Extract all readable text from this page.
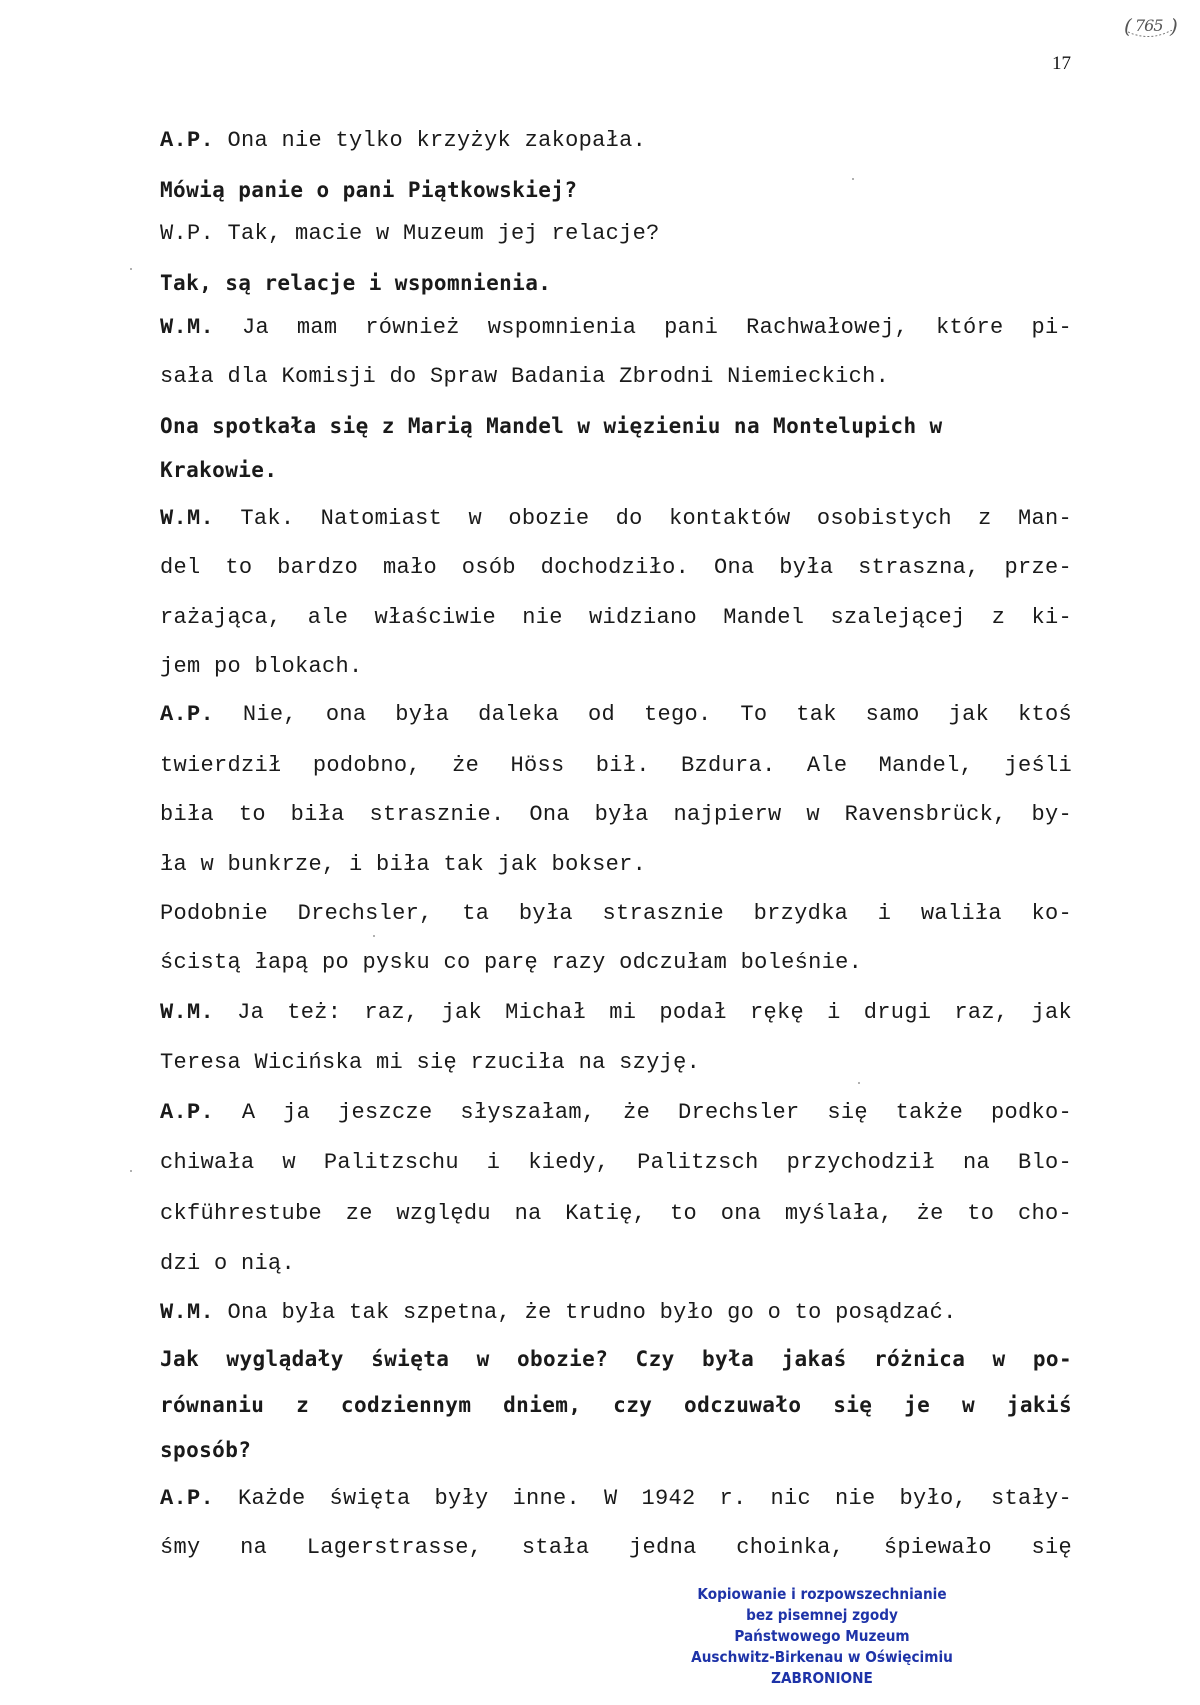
17
( 765 )
A.P. Ona nie tylko krzyżyk zakopała.
Mówią panie o pani Piątkowskiej?
W.P. Tak, macie w Muzeum jej relacje?
Tak, są relacje i wspomnienia.
W.M. Ja mam również wspomnienia pani Rachwałowej, które pi-
sała dla Komisji do Spraw Badania Zbrodni Niemieckich.
Ona spotkała się z Marią Mandel w więzieniu na Montelupich w
Krakowie.
W.M. Tak. Natomiast w obozie do kontaktów osobistych z Man-
del to bardzo mało osób dochodziło. Ona była straszna, prze-
rażająca, ale właściwie nie widziano Mandel szalejącej z ki-
jem po blokach.
A.P. Nie, ona była daleka od tego. To tak samo jak ktoś
twierdził podobno, że Höss bił. Bzdura. Ale Mandel, jeśli
biła to biła strasznie. Ona była najpierw w Ravensbrück, by-
ła w bunkrze, i biła tak jak bokser.
Podobnie Drechsler, ta była strasznie brzydka i waliła ko-
ścistą łapą po pysku co parę razy odczułam boleśnie.
W.M. Ja też: raz, jak Michał mi podał rękę i drugi raz, jak
Teresa Wicińska mi się rzuciła na szyję.
A.P. A ja jeszcze słyszałam, że Drechsler się także podko-
chiwała w Palitzschu i kiedy, Palitzsch przychodził na Blo-
ckführestube ze względu na Katię, to ona myślała, że to cho-
dzi o nią.
W.M. Ona była tak szpetna, że trudno było go o to posądzać.
Jak wyglądały święta w obozie? Czy była jakaś różnica w po-
równaniu z codziennym dniem, czy odczuwało się je w jakiś
sposób?
A.P. Każde święta były inne. W 1942 r. nic nie było, stały-
śmy na Lagerstrasse, stała jedna choinka, śpiewało się
Kopiowanie i rozpowszechnianie
bez pisemnej zgody
Państwowego Muzeum
Auschwitz-Birkenau w Oświęcimiu
ZABRONIONE
